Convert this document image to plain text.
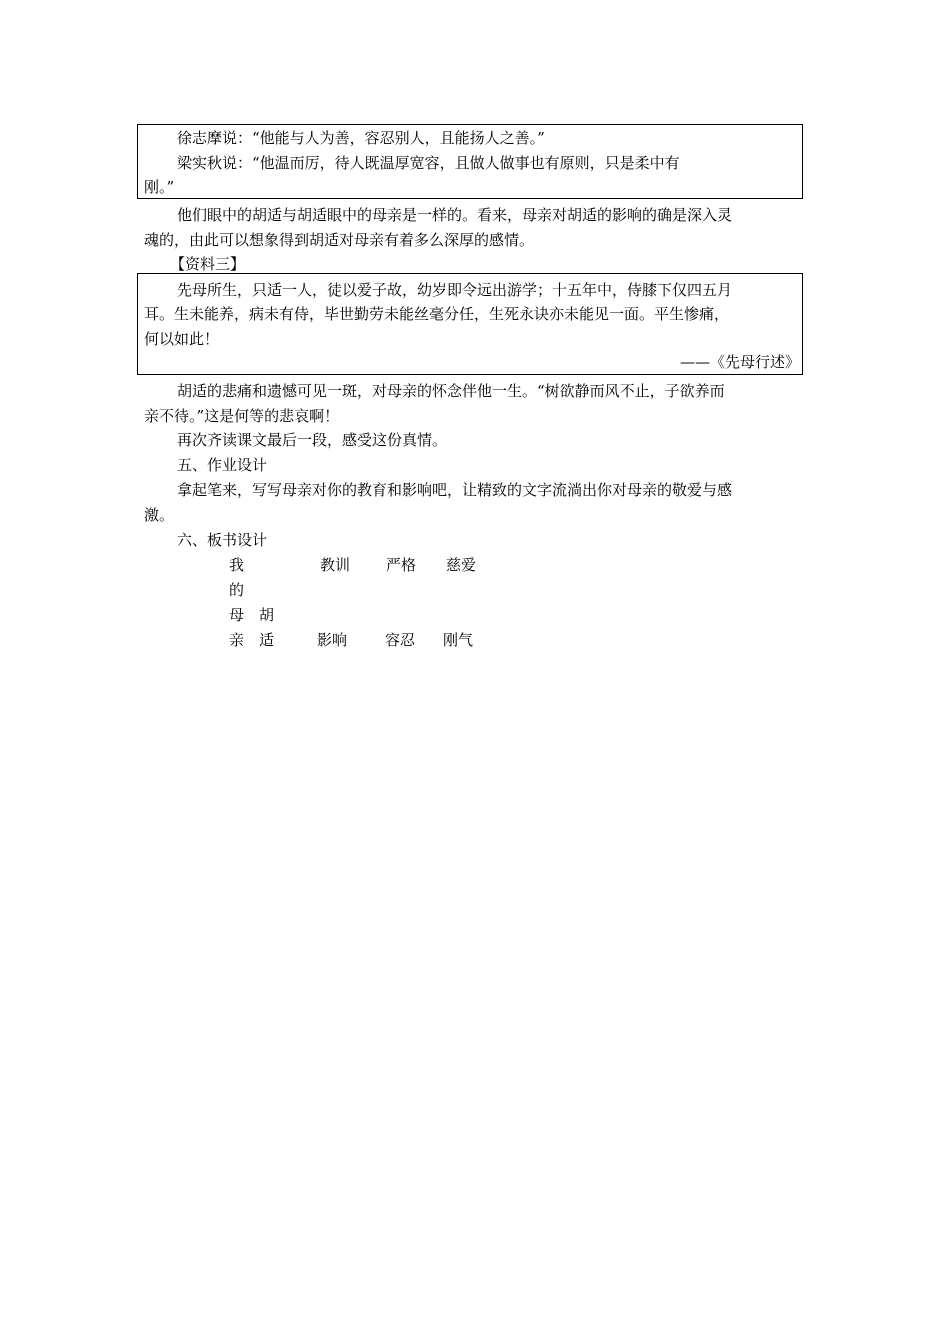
徐志摩说：“他能与人为善，容忍别人，且能扬人之善。”
梁实秋说：“他温而厉，待人既温厚宽容，且做人做事也有原则，只是柔中有
刚。”
他们眼中的胡适与胡适眼中的母亲是一样的。看来，母亲对胡适的影响的确是深入灵
魂的，由此可以想象得到胡适对母亲有着多么深厚的感情。
【资料三】
先母所生，只适一人，徒以爱子故，幼岁即令远出游学；十五年中，侍膝下仅四五月
耳。生未能养，病未有侍，毕世勤劳未能丝毫分任，生死永诀亦未能见一面。平生惨痛，
何以如此！
——《先母行述》
胡适的悲痛和遗憾可见一斑，对母亲的怀念伴他一生。“树欲静而风不止，子欲养而
亲不待。”这是何等的悲哀啊！
再次齐读课文最后一段，感受这份真情。
五、作业设计
拿起笔来，写写母亲对你的教育和影响吧，让精致的文字流淌出你对母亲的敬爱与感
激。
六、板书设计
我
的
母
亲
胡
适
教训 严格 慈爱
影响	容忍 刚气
